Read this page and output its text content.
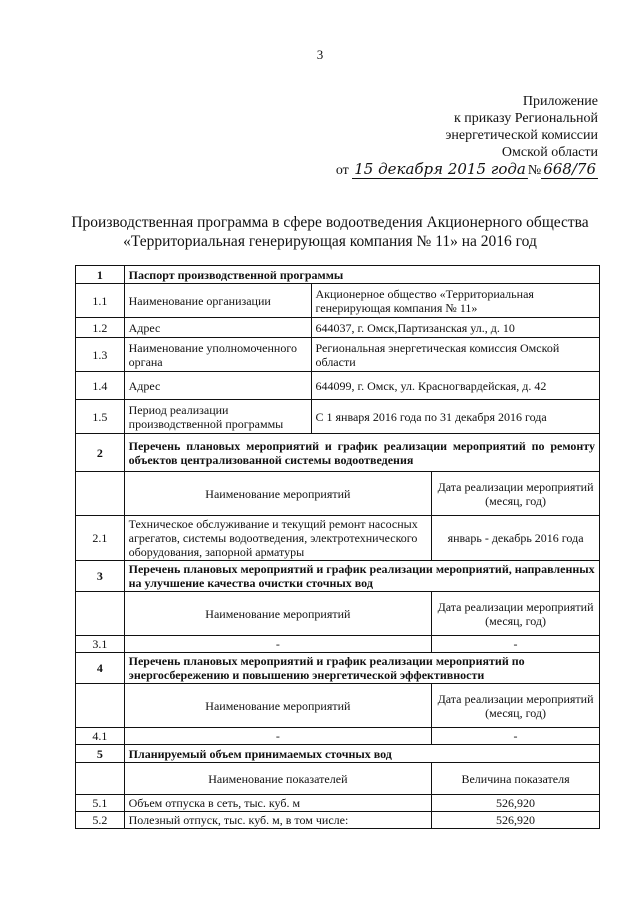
3
Приложение
к приказу Региональной
энергетической комиссии
Омской области
от 15 декабря 2015 года № 668/76
Производственная программа в сфере водоотведения Акционерного общества
«Территориальная генерирующая компания № 11» на 2016 год
1	Паспорт производственной программы		
1.1	Наименование организации	Акционерное общество «Территориальная генерирующая компания № 11»	
1.2	Адрес	644037, г. Омск,Партизанская ул., д. 10	
1.3	Наименование уполномоченного органа	Региональная энергетическая комиссия Омской области	
1.4	Адрес	644099, г. Омск, ул. Красногвардейская, д. 42	
1.5	Период реализации производственной программы	С 1 января 2016 года по 31 декабря 2016 года	
2	Перечень плановых мероприятий и график реализации мероприятий по ремонту объектов централизованной системы водоотведения		
	Наименование мероприятий		Дата реализации мероприятий (месяц, год)
2.1	Техническое обслуживание и текущий ремонт насосных агрегатов, системы водоотведения, электротехнического оборудования, запорной арматуры		январь - декабрь 2016 года
3	Перечень плановых мероприятий и график реализации мероприятий, направленных на улучшение качества очистки сточных вод		
	Наименование мероприятий		Дата реализации мероприятий (месяц, год)
3.1	-		-
4	Перечень плановых мероприятий и график реализации мероприятий по энергосбережению и повышению энергетической эффективности		
	Наименование мероприятий		Дата реализации мероприятий (месяц, год)
4.1	-		-
5	Планируемый объем принимаемых сточных вод		
	Наименование показателей		Величина показателя
5.1	Объем отпуска в сеть, тыс. куб. м		526,920
5.2	Полезный отпуск, тыс. куб. м, в том числе:		526,920
